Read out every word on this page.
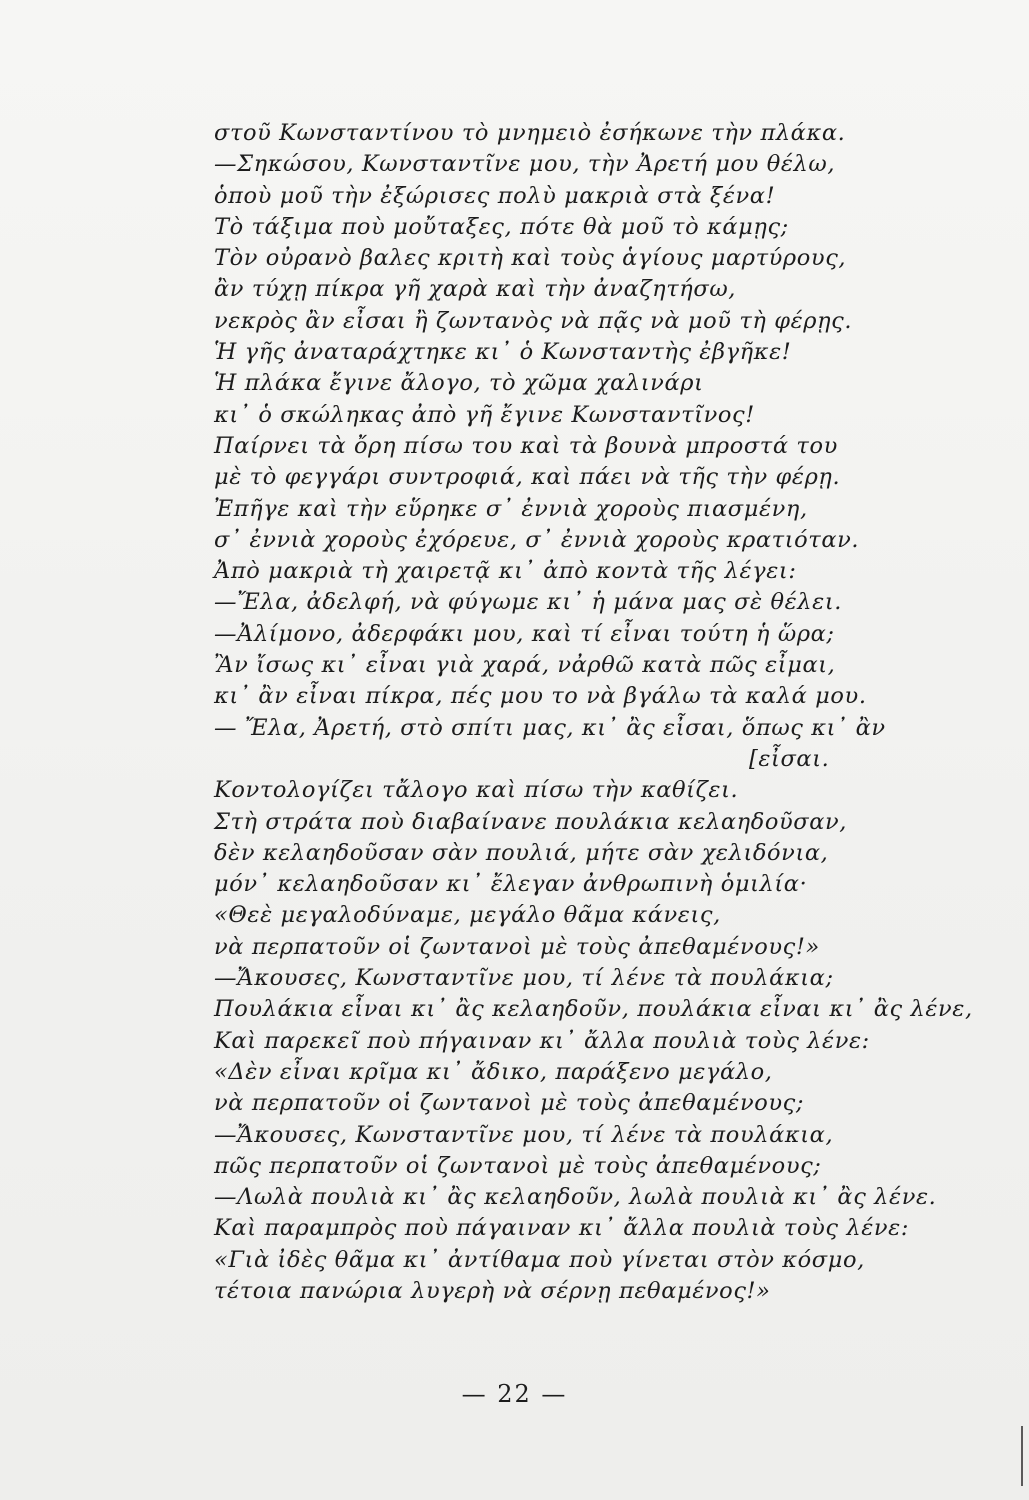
στοῦ Κωνσταντίνου τὸ μνημειὸ ἐσήκωνε τὴν πλάκα.
—Σηκώσου, Κωνσταντῖνε μου, τὴν Ἀρετή μου θέλω,
ὁποὺ μοῦ τὴν ἐξώρισες πολὺ μακριὰ στὰ ξένα!
Τὸ τάξιμα ποὺ μοὔταξες, πότε θὰ μοῦ τὸ κάμῃς;
Τὸν οὐρανὸ βαλες κριτὴ καὶ τοὺς ἁγίους μαρτύρους,
ἂν τύχῃ πίκρα γῆ χαρὰ καὶ τὴν ἀναζητήσω,
νεκρὸς ἂν εἶσαι ἢ ζωντανὸς νὰ πᾷς νὰ μοῦ τὴ φέρῃς.
Ἡ γῆς ἀναταράχτηκε κι᾽ ὁ Κωνσταντὴς ἐβγῆκε!
Ἡ πλάκα ἔγινε ἄλογο, τὸ χῶμα χαλινάρι
κι᾽ ὁ σκώληκας ἀπὸ γῆ ἔγινε Κωνσταντῖνος!
Παίρνει τὰ ὄρη πίσω του καὶ τὰ βουνὰ μπροστά του
μὲ τὸ φεγγάρι συντροφιά, καὶ πάει νὰ τῆς τὴν φέρῃ.
Ἐπῆγε καὶ τὴν εὕρηκε σ᾽ ἐννιὰ χοροὺς πιασμένη,
σ᾽ ἐννιὰ χοροὺς ἐχόρευε, σ᾽ ἐννιὰ χοροὺς κρατιόταν.
Ἀπὸ μακριὰ τὴ χαιρετᾷ κι᾽ ἀπὸ κοντὰ τῆς λέγει:
—Ἔλα, ἀδελφή, νὰ φύγωμε κι᾽ ἡ μάνα μας σὲ θέλει.
—Ἀλίμονο, ἀδερφάκι μου, καὶ τί εἶναι τούτη ἡ ὥρα;
Ἂν ἴσως κι᾽ εἶναι γιὰ χαρά, νἀρθῶ κατὰ πῶς εἶμαι,
κι᾽ ἂν εἶναι πίκρα, πές μου το νὰ βγάλω τὰ καλά μου.
— Ἔλα, Ἀρετή, στὸ σπίτι μας, κι᾽ ἂς εἶσαι, ὅπως κι᾽ ἂν
[εἶσαι.
Κοντολογίζει τἄλογο καὶ πίσω τὴν καθίζει.
Στὴ στράτα ποὺ διαβαίνανε πουλάκια κελαηδοῦσαν,
δὲν κελαηδοῦσαν σὰν πουλιά, μήτε σὰν χελιδόνια,
μόν᾽ κελαηδοῦσαν κι᾽ ἔλεγαν ἀνθρωπινὴ ὁμιλία·
«Θεὲ μεγαλοδύναμε, μεγάλο θᾶμα κάνεις,
νὰ περπατοῦν οἱ ζωντανοὶ μὲ τοὺς ἀπεθαμένους!»
—Ἄκουσες, Κωνσταντῖνε μου, τί λένε τὰ πουλάκια;
Πουλάκια εἶναι κι᾽ ἂς κελαηδοῦν, πουλάκια εἶναι κι᾽ ἂς λένε,
Καὶ παρεκεῖ ποὺ πήγαιναν κι᾽ ἄλλα πουλιὰ τοὺς λένε:
«Δὲν εἶναι κρῖμα κι᾽ ἄδικο, παράξενο μεγάλο,
νὰ περπατοῦν οἱ ζωντανοὶ μὲ τοὺς ἀπεθαμένους;
—Ἄκουσες, Κωνσταντῖνε μου, τί λένε τὰ πουλάκια,
πῶς περπατοῦν οἱ ζωντανοὶ μὲ τοὺς ἀπεθαμένους;
—Λωλὰ πουλιὰ κι᾽ ἂς κελαηδοῦν, λωλὰ πουλιὰ κι᾽ ἂς λένε.
Καὶ παραμπρὸς ποὺ πάγαιναν κι᾽ ἄλλα πουλιὰ τοὺς λένε:
«Γιὰ ἰδὲς θᾶμα κι᾽ ἀντίθαμα ποὺ γίνεται στὸν κόσμο,
τέτοια πανώρια λυγερὴ νὰ σέρνῃ πεθαμένος!»
— 22 —
